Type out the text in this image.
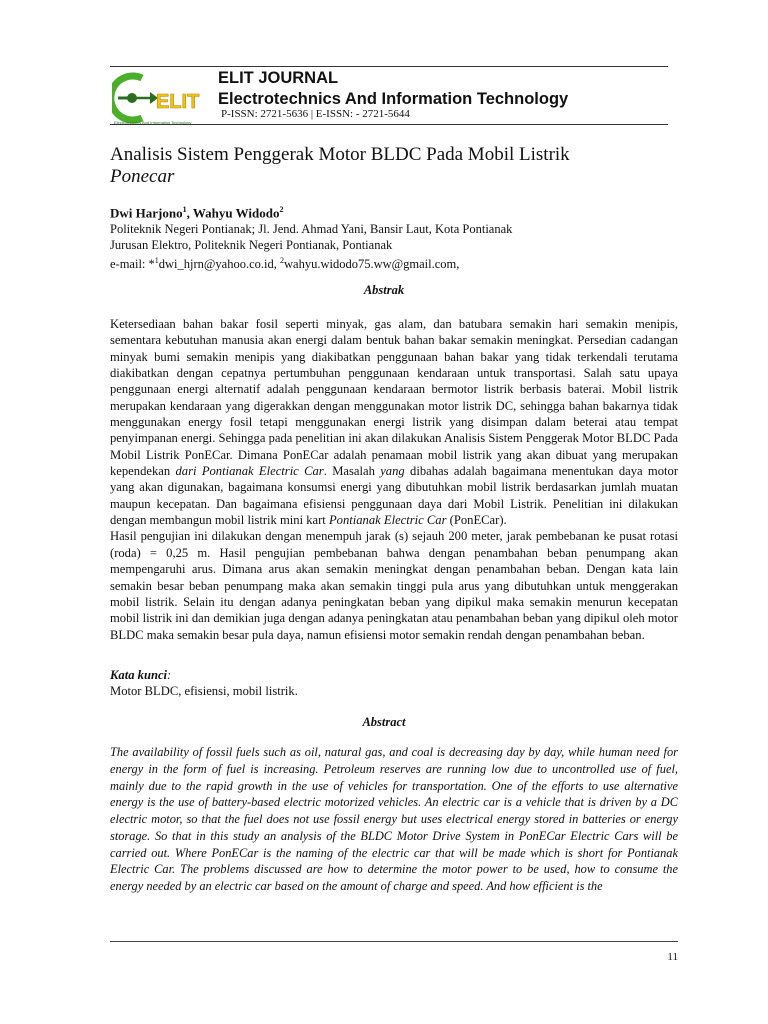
ELIT
Electrotechnics And Information Technology
ELIT JOURNAL
Electrotechnics And Information Technology
P-ISSN: 2721-5636 | E-ISSN: - 2721-5644
Analisis Sistem Penggerak Motor BLDC Pada Mobil Listrik
Ponecar
Dwi Harjono$^1$, Wahyu Widodo$^2$
Politeknik Negeri Pontianak; Jl. Jend. Ahmad Yani, Bansir Laut, Kota Pontianak
Jurusan Elektro, Politeknik Negeri Pontianak, Pontianak
e-mail: *$^1$dwi_hjrn@yahoo.co.id, $^2$wahyu.widodo75.ww@gmail.com,
Abstrak

Ketersediaan bahan bakar fosil seperti minyak, gas alam, dan batubara semakin hari semakin menipis, sementara kebutuhan manusia akan energi dalam bentuk bahan bakar semakin meningkat. Persedian cadangan minyak bumi semakin menipis yang diakibatkan penggunaan bahan bakar yang tidak terkendali terutama diakibatkan dengan cepatnya pertumbuhan penggunaan kendaraan untuk transportasi. Salah satu upaya penggunaan energi alternatif adalah penggunaan kendaraan bermotor listrik berbasis baterai. Mobil listrik merupakan kendaraan yang digerakkan dengan menggunakan motor listrik DC, sehingga bahan bakarnya tidak menggunakan energy fosil tetapi menggunakan energi listrik yang disimpan dalam beterai atau tempat penyimpanan energi. Sehingga pada penelitian ini akan dilakukan Analisis Sistem Penggerak Motor BLDC Pada Mobil Listrik PonECar. Dimana PonECar adalah penamaan mobil listrik yang akan dibuat yang merupakan kependekan dari Pontianak Electric Car. Masalah yang dibahas adalah bagaimana menentukan daya motor yang akan digunakan, bagaimana konsumsi energi yang dibutuhkan mobil listrik berdasarkan jumlah muatan maupun kecepatan. Dan bagaimana efisiensi penggunaan daya dari Mobil Listrik. Penelitian ini dilakukan dengan membangun mobil listrik mini kart Pontianak Electric Car (PonECar).

Hasil pengujian ini dilakukan dengan menempuh jarak (s) sejauh 200 meter, jarak pembebanan ke pusat rotasi (roda) = 0,25 m. Hasil pengujian pembebanan bahwa dengan penambahan beban penumpang akan mempengaruhi arus. Dimana arus akan semakin meningkat dengan penambahan beban. Dengan kata lain semakin besar beban penumpang maka akan semakin tinggi pula arus yang dibutuhkan untuk menggerakan mobil listrik. Selain itu dengan adanya peningkatan beban yang dipikul maka semakin menurun kecepatan mobil listrik ini dan demikian juga dengan adanya peningkatan atau penambahan beban yang dipikul oleh motor BLDC maka semakin besar pula daya, namun efisiensi motor semakin rendah dengan penambahan beban.

Kata kunci:
Motor BLDC, efisiensi, mobil listrik.
Abstract
The availability of fossil fuels such as oil, natural gas, and coal is decreasing day by day, while human need for energy in the form of fuel is increasing. Petroleum reserves are running low due to uncontrolled use of fuel, mainly due to the rapid growth in the use of vehicles for transportation. One of the efforts to use alternative energy is the use of battery-based electric motorized vehicles. An electric car is a vehicle that is driven by a DC electric motor, so that the fuel does not use fossil energy but uses electrical energy stored in batteries or energy storage. So that in this study an analysis of the BLDC Motor Drive System in PonECar Electric Cars will be carried out. Where PonECar is the naming of the electric car that will be made which is short for Pontianak Electric Car. The problems discussed are how to determine the motor power to be used, how to consume the energy needed by an electric car based on the amount of charge and speed. And how efficient is the
11
